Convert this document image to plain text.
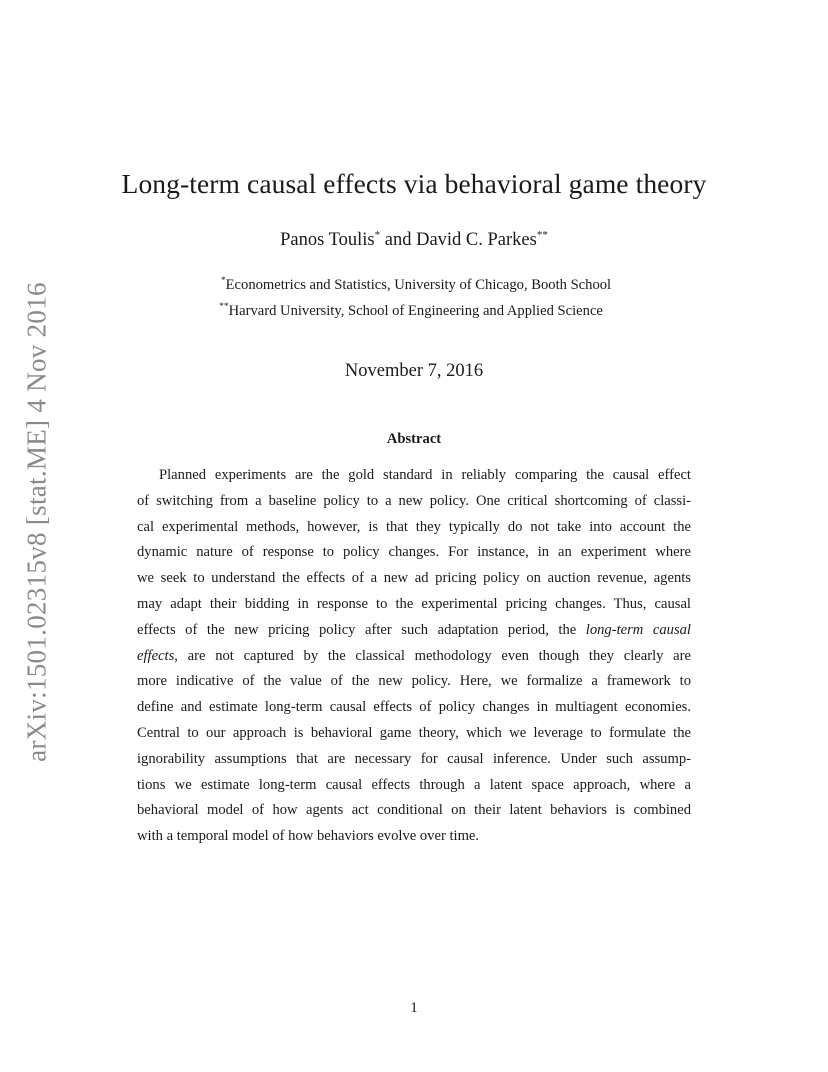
arXiv:1501.02315v8 [stat.ME] 4 Nov 2016
Long-term causal effects via behavioral game theory
Panos Toulis* and David C. Parkes**
*Econometrics and Statistics, University of Chicago, Booth School
**Harvard University, School of Engineering and Applied Science
November 7, 2016
Abstract
Planned experiments are the gold standard in reliably comparing the causal effect
of switching from a baseline policy to a new policy. One critical shortcoming of classi-
cal experimental methods, however, is that they typically do not take into account the
dynamic nature of response to policy changes. For instance, in an experiment where
we seek to understand the effects of a new ad pricing policy on auction revenue, agents
may adapt their bidding in response to the experimental pricing changes. Thus, causal
effects of the new pricing policy after such adaptation period, the long-term causal
effects, are not captured by the classical methodology even though they clearly are
more indicative of the value of the new policy. Here, we formalize a framework to
define and estimate long-term causal effects of policy changes in multiagent economies.
Central to our approach is behavioral game theory, which we leverage to formulate the
ignorability assumptions that are necessary for causal inference. Under such assump-
tions we estimate long-term causal effects through a latent space approach, where a
behavioral model of how agents act conditional on their latent behaviors is combined
with a temporal model of how behaviors evolve over time.
1
